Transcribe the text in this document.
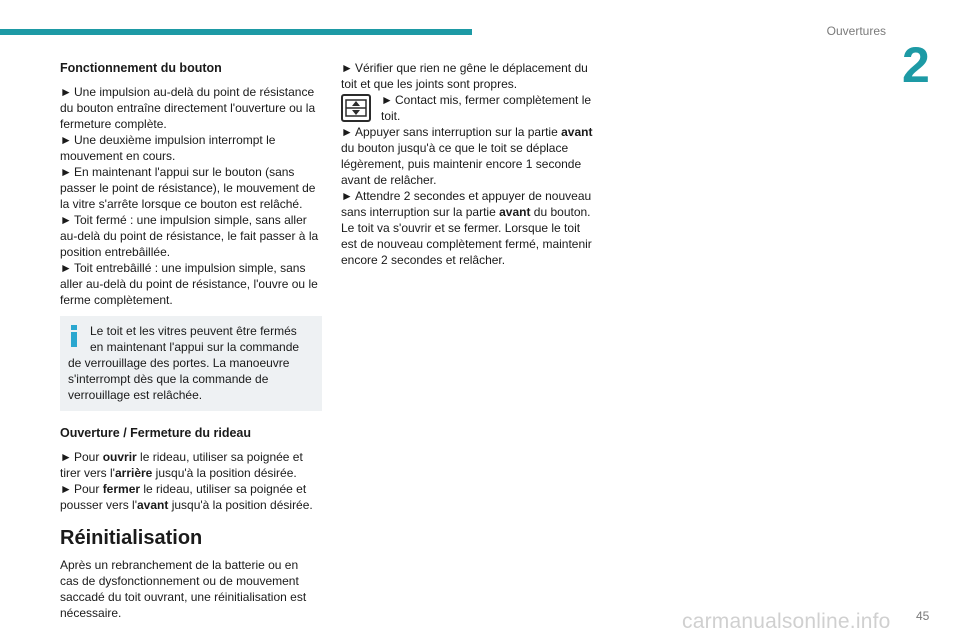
Ouvertures
2
Fonctionnement du bouton
► Une impulsion au-delà du point de résistance
du bouton entraîne directement l'ouverture ou la
fermeture complète.
► Une deuxième impulsion interrompt le
mouvement en cours.
► En maintenant l'appui sur le bouton (sans
passer le point de résistance), le mouvement de
la vitre s'arrête lorsque ce bouton est relâché.
► Toit fermé : une impulsion simple, sans aller
au-delà du point de résistance, le fait passer à la
position entrebâillée.
► Toit entrebâillé : une impulsion simple, sans
aller au-delà du point de résistance, l'ouvre ou le
ferme complètement.

Le toit et les vitres peuvent être fermés

en maintenant l'appui sur la commande

de verrouillage des portes. La manoeuvre

s'interrompt dès que la commande de

verrouillage est relâchée.

Ouverture / Fermeture du rideau
► Pour ouvrir le rideau, utiliser sa poignée et
tirer vers l'arrière jusqu'à la position désirée.
► Pour fermer le rideau, utiliser sa poignée et
pousser vers l'avant jusqu'à la position désirée.
Réinitialisation
Après un rebranchement de la batterie ou en
cas de dysfonctionnement ou de mouvement
saccadé du toit ouvrant, une réinitialisation est
nécessaire.
► Vérifier que rien ne gêne le déplacement du
toit et que les joints sont propres.
► Contact mis, fermer complètement le
toit.
► Appuyer sans interruption sur la partie avant
du bouton jusqu'à ce que le toit se déplace
légèrement, puis maintenir encore 1 seconde
avant de relâcher.
► Attendre 2 secondes et appuyer de nouveau
sans interruption sur la partie avant du bouton.
Le toit va s'ouvrir et se fermer. Lorsque le toit
est de nouveau complètement fermé, maintenir
encore 2 secondes et relâcher.
carmanualsonline.info 45
